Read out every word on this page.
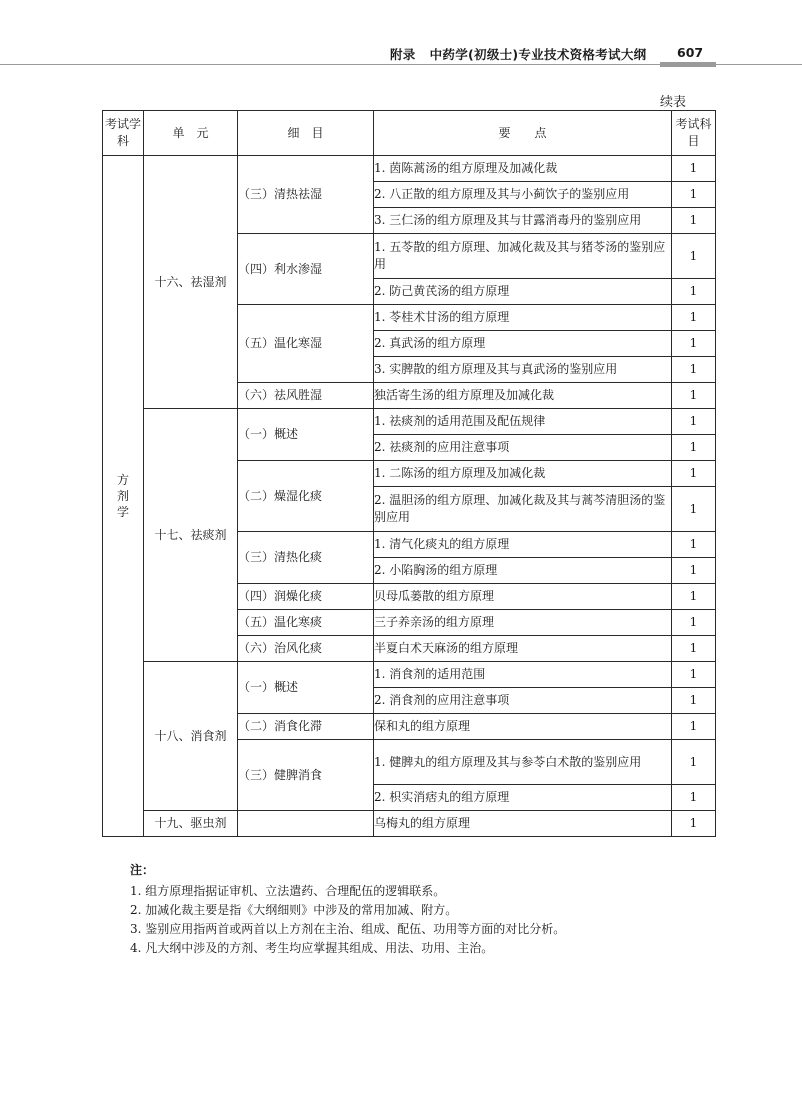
附录 中药学(初级士)专业技术资格考试大纲 607
续表
考试学科	单　元	细　目	要　　点	考试科目
方剂学	十六、祛湿剂	（三）清热祛湿	1. 茵陈蒿汤的组方原理及加减化裁	1
			2. 八正散的组方原理及其与小蓟饮子的鉴别应用	1
			3. 三仁汤的组方原理及其与甘露消毒丹的鉴别应用	1
		（四）利水渗湿	1. 五苓散的组方原理、加减化裁及其与猪苓汤的鉴别应用	1
			2. 防己黄芪汤的组方原理	1
		（五）温化寒湿	1. 苓桂术甘汤的组方原理	1
			2. 真武汤的组方原理	1
			3. 实脾散的组方原理及其与真武汤的鉴别应用	1
		（六）祛风胜湿	独活寄生汤的组方原理及加减化裁	1
	十七、祛痰剂	（一）概述	1. 祛痰剂的适用范围及配伍规律	1
			2. 祛痰剂的应用注意事项	1
		（二）燥湿化痰	1. 二陈汤的组方原理及加减化裁	1
			2. 温胆汤的组方原理、加减化裁及其与蒿芩清胆汤的鉴别应用	1
		（三）清热化痰	1. 清气化痰丸的组方原理	1
			2. 小陷胸汤的组方原理	1
		（四）润燥化痰	贝母瓜蒌散的组方原理	1
		（五）温化寒痰	三子养亲汤的组方原理	1
		（六）治风化痰	半夏白术天麻汤的组方原理	1
	十八、消食剂	（一）概述	1. 消食剂的适用范围	1
			2. 消食剂的应用注意事项	1
		（二）消食化滞	保和丸的组方原理	1
		（三）健脾消食	1. 健脾丸的组方原理及其与参苓白术散的鉴别应用	1
			2. 枳实消痞丸的组方原理	1
	十九、驱虫剂		乌梅丸的组方原理	1
注：
1. 组方原理指据证审机、立法遣药、合理配伍的逻辑联系。
2. 加减化裁主要是指《大纲细则》中涉及的常用加减、附方。
3. 鉴别应用指两首或两首以上方剂在主治、组成、配伍、功用等方面的对比分析。
4. 凡大纲中涉及的方剂、考生均应掌握其组成、用法、功用、主治。
